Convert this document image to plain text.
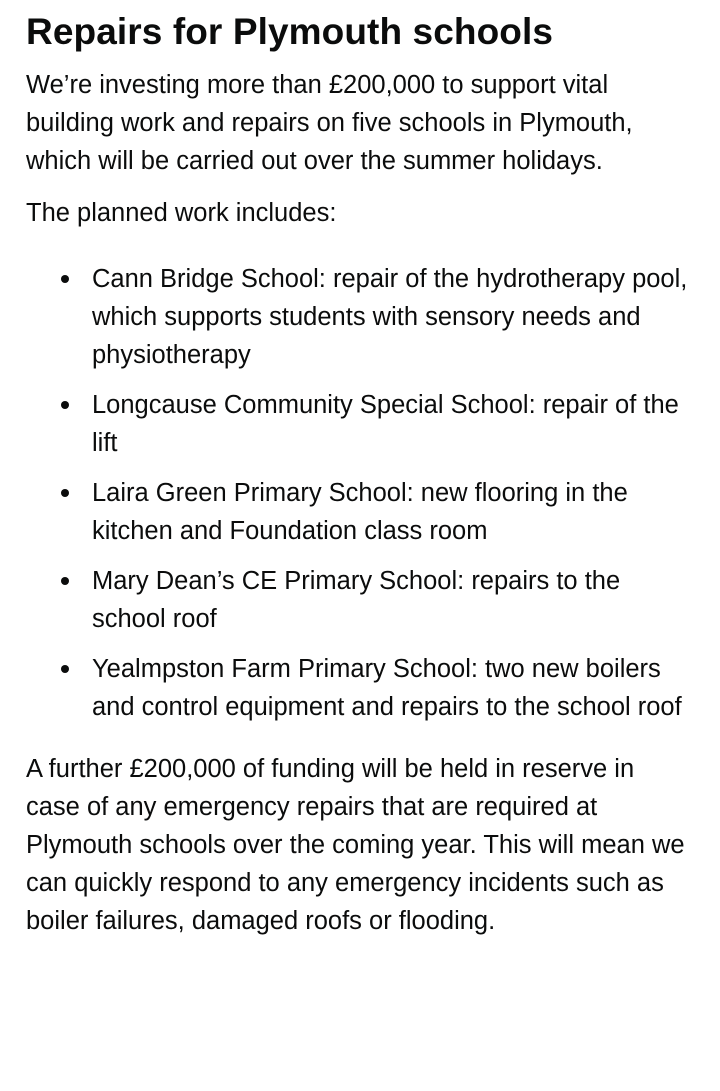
Repairs for Plymouth schools

We’re investing more than £200,000 to support vital building work and repairs on five schools in Plymouth, which will be carried out over the summer holidays.

The planned work includes:

Cann Bridge School: repair of the hydrotherapy pool, which supports students with sensory needs and physiotherapy
Longcause Community Special School: repair of the lift
Laira Green Primary School: new flooring in the kitchen and Foundation class room
Mary Dean’s CE Primary School: repairs to the school roof
Yealmpston Farm Primary School: two new boilers and control equipment and repairs to the school roof

A further £200,000 of funding will be held in reserve in case of any emergency repairs that are required at Plymouth schools over the coming year. This will mean we can quickly respond to any emergency incidents such as boiler failures, damaged roofs or flooding.
